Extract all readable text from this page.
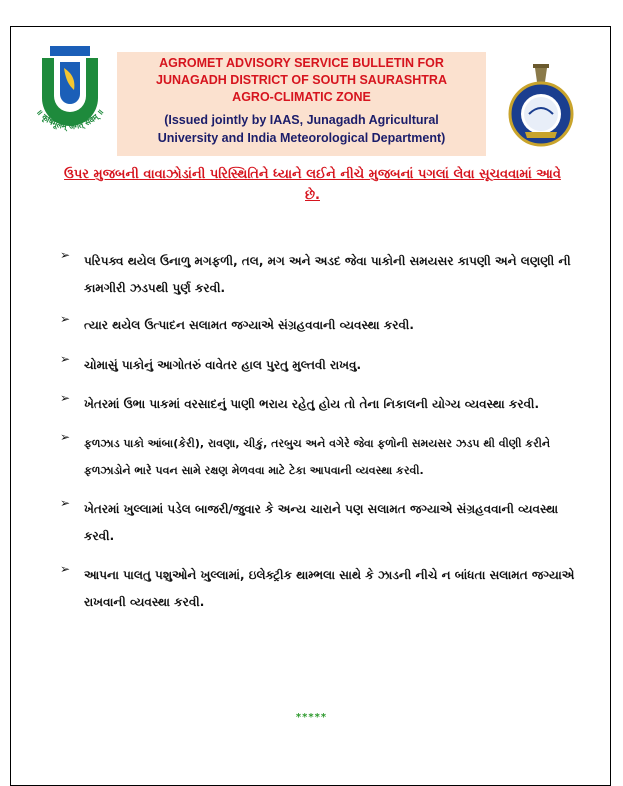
॥ कृषिमूलम् जगत् सर्वम् ॥

AGROMET ADVISORY SERVICE BULLETIN FOR
JUNAGADH DISTRICT OF SOUTH SAURASHTRA
AGRO-CLIMATIC ZONE

(Issued jointly by IAAS, Junagadh Agricultural
University and India Meteorological Department)

ઉપર મુજબની વાવાઝોડાંની પરિસ્થિતિને ધ્યાને લઈને નીચે મુજબનાં પગલાં લેવા સૂચવવામાં આવે છે.
➢ પરિપક્વ થયેલ ઉનાળુ મગફળી, તલ, મગ અને અડદ જેવા પાકોની સમયસર કાપણી અને લણણી ની કામગીરી ઝડપથી પુર્ણ કરવી.
➢ ત્યાર થયેલ ઉત્પાદન સલામત જગ્યાએ સંગ્રહવવાની વ્યવસ્થા કરવી.
➢ ચોમાસું પાકોનું આગોતરું વાવેતર હાલ પુરતુ મુલ્તવી રાખવુ.
➢ ખેતરમાં ઉભા પાકમાં વરસાદનું પાણી ભરાય રહેતુ હોય તો તેના નિકાલની યોગ્ય વ્યવસ્થા કરવી.
➢ ફળઝાડ પાકો આંબા(કેરી), રાવણા, ચીકું, તરબુચ અને વગેરે જેવા ફળોની સમયસર ઝડપ થી વીણી કરીને ફળઝાડોને ભારે પવન સામે રક્ષણ મેળવવા માટે ટેકા આપવાની વ્યવસ્થા કરવી.
➢ ખેતરમાં ખુલ્લામાં પડેલ બાજરી/જુવાર કે અન્ય ચારાને પણ સલામત જગ્યાએ સંગ્રહવવાની વ્યવસ્થા કરવી.
➢ આપના પાલતુ પશુઓને ખુલ્લામાં, ઇલેક્ટ્રીક થામ્ભલા સાથે કે ઝાડની નીચે ન બાંધતા સલામત જગ્યાએ રાખવાની વ્યવસ્થા કરવી.
*****
